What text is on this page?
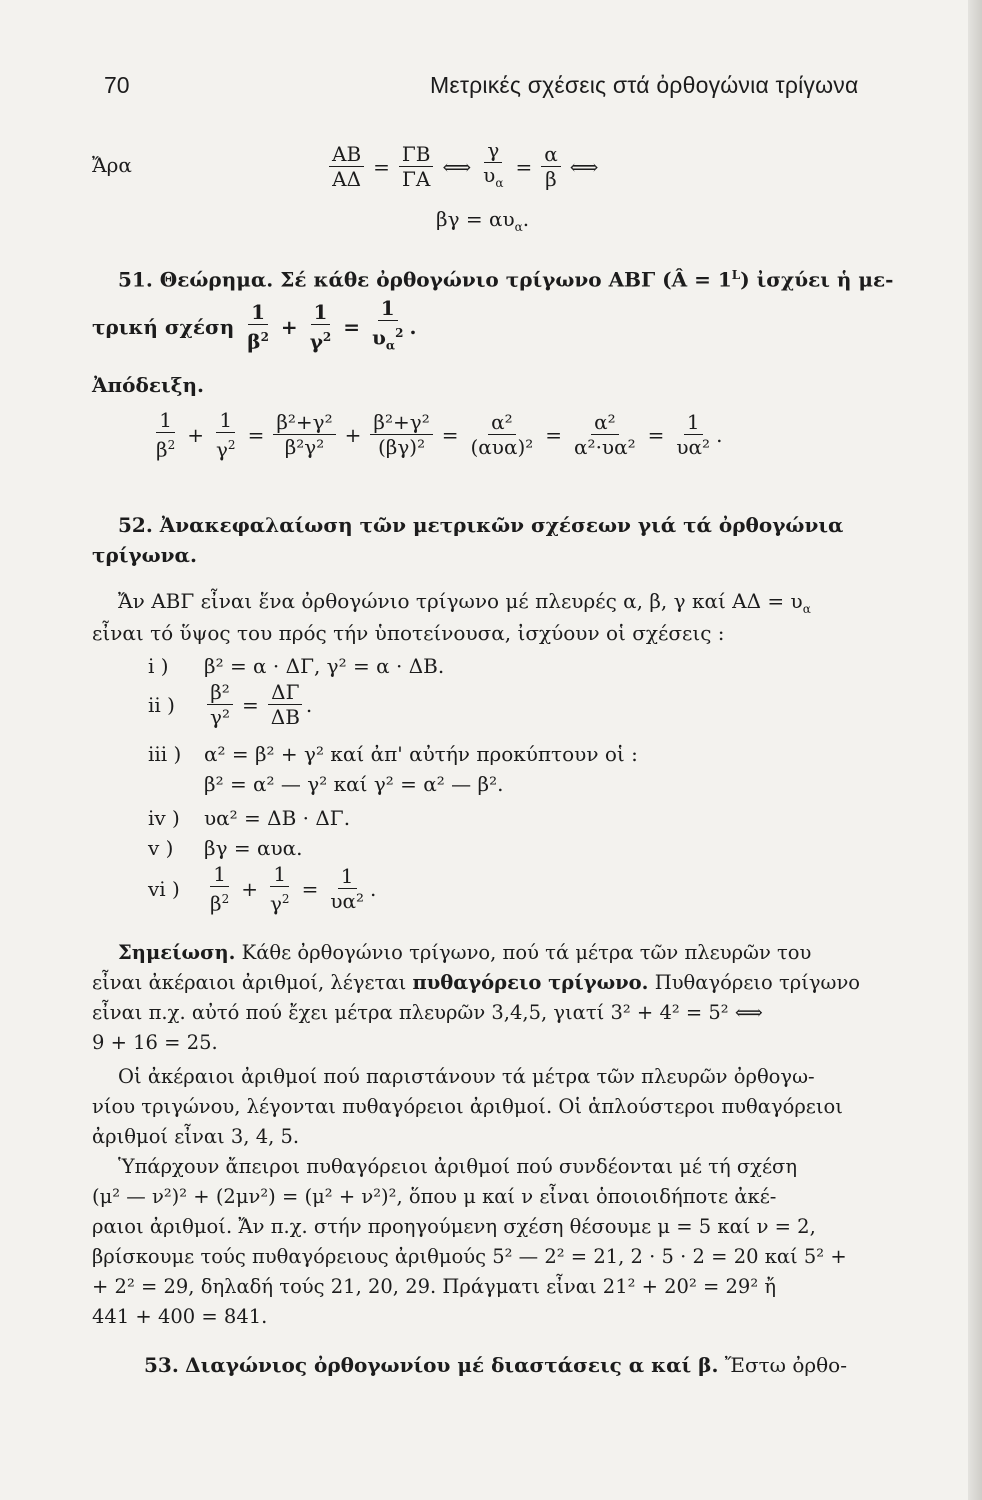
70	Μετρικές σχέσεις στά ὀρθογώνια τρίγωνα
Ἄρα	$\frac{AB}{A\Delta} = \frac{\Gamma B}{\Gamma A}$ ⟺ $\frac{\gamma}{\upsilon_\alpha} = \frac{\alpha}{\beta}$ ⟺
$\beta\gamma = \alpha\upsilon_\alpha$.
51. Θεώρημα. Σέ κάθε ὀρθογώνιο τρίγωνο ΑΒΓ (Â = $1^L$) ἰσχύει ἡ με-
τρική σχέση $\frac{1}{\beta^2} + \frac{1}{\gamma^2} = \frac{1}{\upsilon_\alpha^2}$ .
Ἀπόδειξη.
$\frac{1}{\beta^2} + \frac{1}{\gamma^2} = \frac{\text{β²+γ²}}{\text{β²γ²}} + \frac{\text{β²+γ²}}{\text{(βγ)²}} = \frac{\text{α²}}{\text{(αυα)²}} = \frac{\text{α²}}{\text{α²·υα²}} = \frac{1}{\text{υα²}}$ .
52. Ἀνακεφαλαίωση τῶν μετρικῶν σχέσεων γιά τά ὀρθογώνια
τρίγωνα.
Ἄν ΑΒΓ εἶναι ἕνα ὀρθογώνιο τρίγωνο μέ πλευρές α, β, γ καί $A\Delta = \upsilon_\alpha$
εἶναι τό ὕψος του πρός τήν ὑποτείνουσα, ἰσχύουν οἱ σχέσεις :
i ) β² = α · ΔΓ, γ² = α · ΔΒ.
ii )	$\frac{\text{β²}}{\text{γ²}} = \frac{\Delta\Gamma}{\Delta B}$ .
iii ) α² = β² + γ² καί ἀπ' αὐτήν προκύπτουν οἱ :
β² = α² — γ² καί γ² = α² — β².
iv ) υα² = ΔΒ · ΔΓ.
v ) βγ = αυα.
vi )	$\frac{1}{\beta^2} + \frac{1}{\gamma^2} = \frac{1}{\text{υα²}}$ .
Σημείωση. Κάθε ὀρθογώνιο τρίγωνο, πού τά μέτρα τῶν πλευρῶν του
εἶναι ἀκέραιοι ἀριθμοί, λέγεται πυθαγόρειο τρίγωνο. Πυθαγόρειο τρίγωνο
εἶναι π.χ. αὐτό πού ἔχει μέτρα πλευρῶν 3,4,5, γιατί 3² + 4² = 5² ⟺
9 + 16 = 25.
Οἱ ἀκέραιοι ἀριθμοί πού παριστάνουν τά μέτρα τῶν πλευρῶν ὀρθογω-
νίου τριγώνου, λέγονται πυθαγόρειοι ἀριθμοί. Οἱ ἁπλούστεροι πυθαγόρειοι
ἀριθμοί εἶναι 3, 4, 5.
Ὑπάρχουν ἄπειροι πυθαγόρειοι ἀριθμοί πού συνδέονται μέ τή σχέση
(μ² — ν²)² + (2μν²) = (μ² + ν²)², ὅπου μ καί ν εἶναι ὁποιοιδήποτε ἀκέ-
ραιοι ἀριθμοί. Ἄν π.χ. στήν προηγούμενη σχέση θέσουμε μ = 5 καί ν = 2,
βρίσκουμε τούς πυθαγόρειους ἀριθμούς 5² — 2² = 21, 2 · 5 · 2 = 20 καί 5² +
+ 2² = 29, δηλαδή τούς 21, 20, 29. Πράγματι εἶναι 21² + 20² = 29² ἤ
441 + 400 = 841.
53. Διαγώνιος ὀρθογωνίου μέ διαστάσεις α καί β. Ἔστω ὀρθο-
